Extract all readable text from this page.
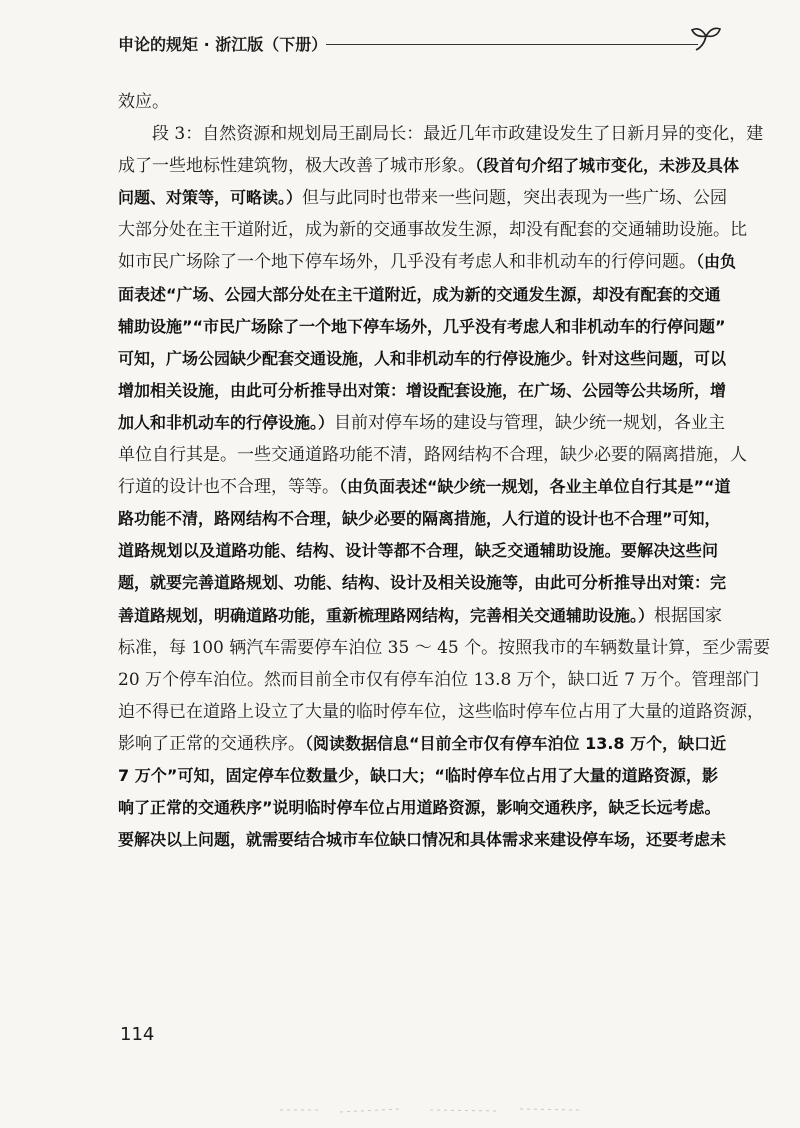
申论的规矩 · 浙江版（下册）
效应。
段 3：自然资源和规划局王副局长：最近几年市政建设发生了日新月异的变化，建
成了一些地标性建筑物，极大改善了城市形象。（段首句介绍了城市变化，未涉及具体
问题、对策等，可略读。）但与此同时也带来一些问题，突出表现为一些广场、公园
大部分处在主干道附近，成为新的交通事故发生源，却没有配套的交通辅助设施。比
如市民广场除了一个地下停车场外，几乎没有考虑人和非机动车的行停问题。（由负
面表述“广场、公园大部分处在主干道附近，成为新的交通发生源，却没有配套的交通
辅助设施”“市民广场除了一个地下停车场外，几乎没有考虑人和非机动车的行停问题”
可知，广场公园缺少配套交通设施，人和非机动车的行停设施少。针对这些问题，可以
增加相关设施，由此可分析推导出对策：增设配套设施，在广场、公园等公共场所，增
加人和非机动车的行停设施。）目前对停车场的建设与管理，缺少统一规划，各业主
单位自行其是。一些交通道路功能不清，路网结构不合理，缺少必要的隔离措施，人
行道的设计也不合理，等等。（由负面表述“缺少统一规划，各业主单位自行其是”“道
路功能不清，路网结构不合理，缺少必要的隔离措施，人行道的设计也不合理”可知，
道路规划以及道路功能、结构、设计等都不合理，缺乏交通辅助设施。要解决这些问
题，就要完善道路规划、功能、结构、设计及相关设施等，由此可分析推导出对策：完
善道路规划，明确道路功能，重新梳理路网结构，完善相关交通辅助设施。）根据国家
标准，每 100 辆汽车需要停车泊位 35 ～ 45 个。按照我市的车辆数量计算，至少需要
20 万个停车泊位。然而目前全市仅有停车泊位 13.8 万个，缺口近 7 万个。管理部门
迫不得已在道路上设立了大量的临时停车位，这些临时停车位占用了大量的道路资源，
影响了正常的交通秩序。（阅读数据信息“目前全市仅有停车泊位 13.8 万个，缺口近
7 万个”可知，固定停车位数量少，缺口大；“临时停车位占用了大量的道路资源，影
响了正常的交通秩序”说明临时停车位占用道路资源，影响交通秩序，缺乏长远考虑。
要解决以上问题，就需要结合城市车位缺口情况和具体需求来建设停车场，还要考虑未
114
